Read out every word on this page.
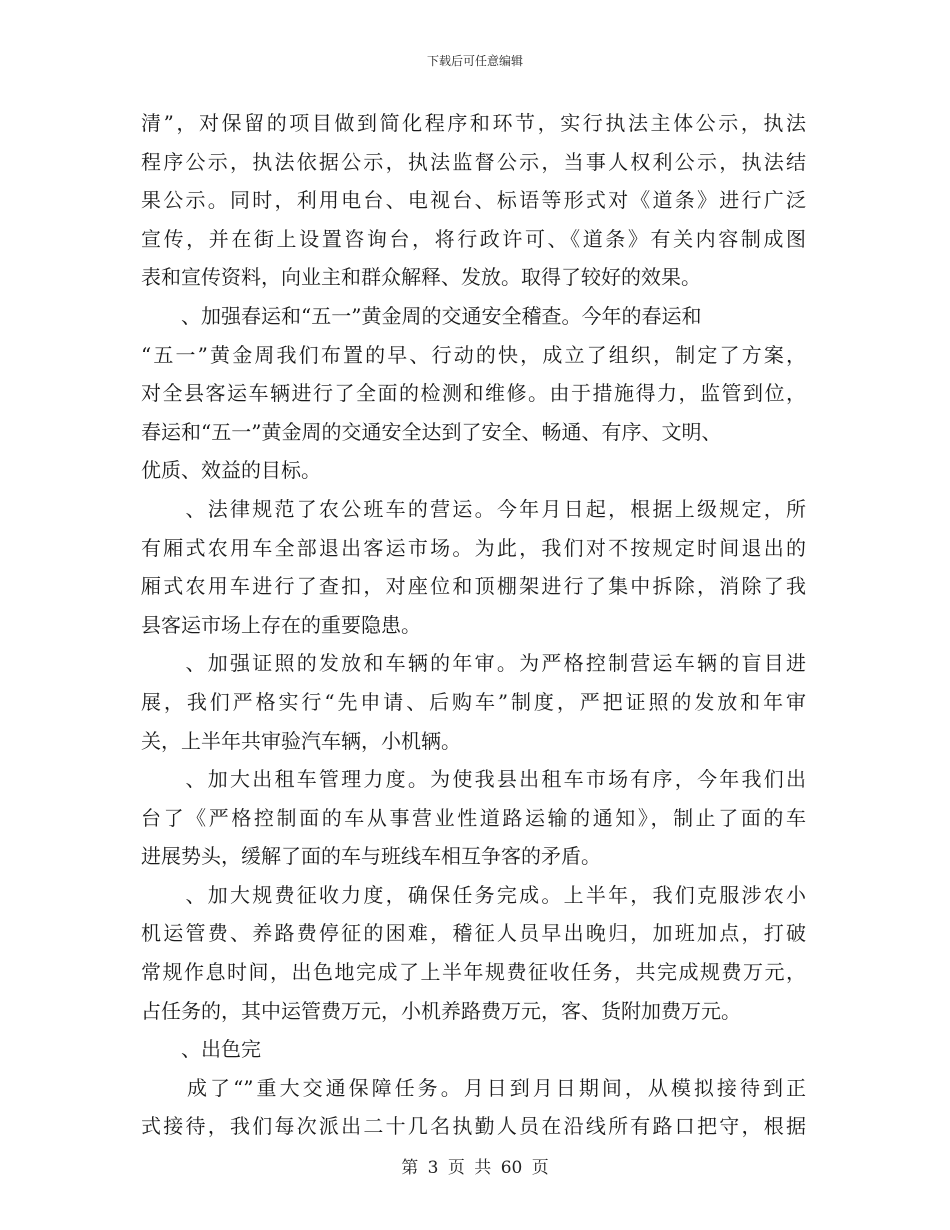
下载后可任意编辑
清”，对保留的项目做到简化程序和环节，实行执法主体公示，执法
程序公示，执法依据公示，执法监督公示，当事人权利公示，执法结
果公示。同时，利用电台、电视台、标语等形式对《道条》进行广泛
宣传，并在街上设置咨询台，将行政许可、《道条》有关内容制成图
表和宣传资料，向业主和群众解释、发放。取得了较好的效果。
　　、加强春运和“五一”黄金周的交通安全稽查。今年的春运和
“五一”黄金周我们布置的早、行动的快，成立了组织，制定了方案，
对全县客运车辆进行了全面的检测和维修。由于措施得力，监管到位，
春运和“五一”黄金周的交通安全达到了安全、畅通、有序、文明、
优质、效益的目标。
　　、法律规范了农公班车的营运。今年月日起，根据上级规定，所
有厢式农用车全部退出客运市场。为此，我们对不按规定时间退出的
厢式农用车进行了查扣，对座位和顶棚架进行了集中拆除，消除了我
县客运市场上存在的重要隐患。
　　、加强证照的发放和车辆的年审。为严格控制营运车辆的盲目进
展，我们严格实行“先申请、后购车”制度，严把证照的发放和年审
关，上半年共审验汽车辆，小机辆。
　　、加大出租车管理力度。为使我县出租车市场有序，今年我们出
台了《严格控制面的车从事营业性道路运输的通知》，制止了面的车
进展势头，缓解了面的车与班线车相互争客的矛盾。
　　、加大规费征收力度，确保任务完成。上半年，我们克服涉农小
机运管费、养路费停征的困难，稽征人员早出晚归，加班加点，打破
常规作息时间，出色地完成了上半年规费征收任务，共完成规费万元，
占任务的，其中运管费万元，小机养路费万元，客、货附加费万元。
　　、出色完
　　成了“”重大交通保障任务。月日到月日期间，从模拟接待到正
式接待，我们每次派出二十几名执勤人员在沿线所有路口把守，根据
第 3 页 共 60 页
